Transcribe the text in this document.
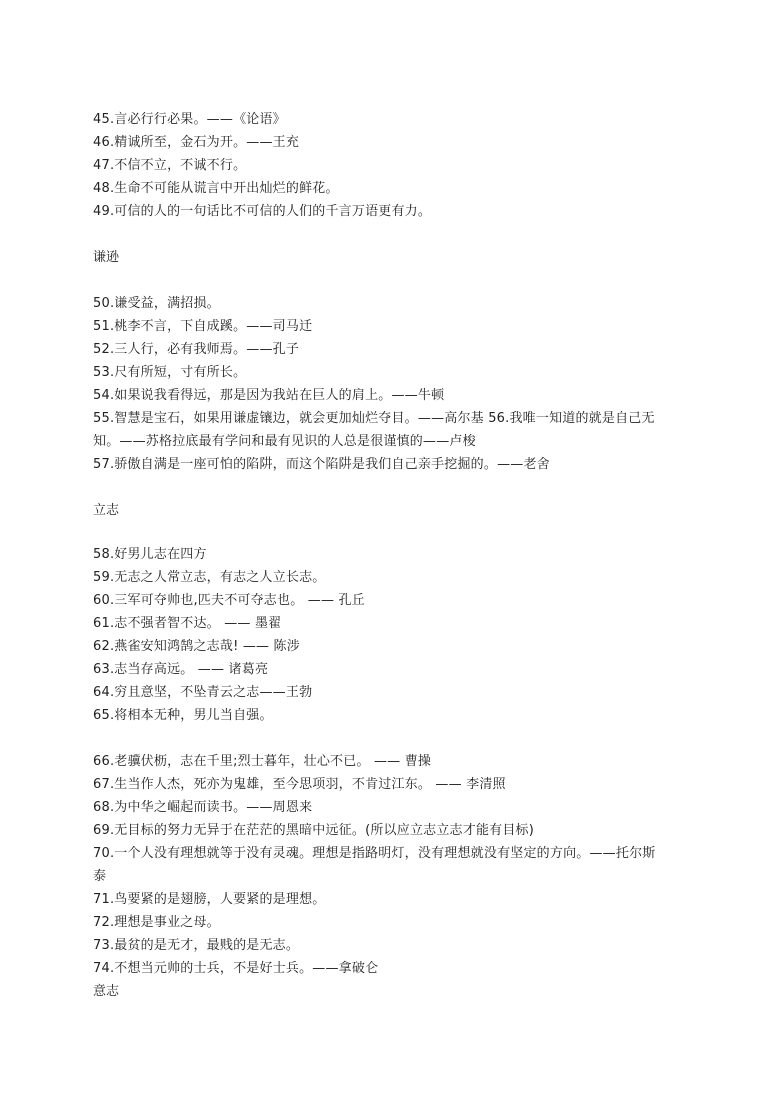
45.言必行行必果。——《论语》
46.精诚所至，金石为开。——王充
47.不信不立，不诚不行。
48.生命不可能从谎言中开出灿烂的鲜花。
49.可信的人的一句话比不可信的人们的千言万语更有力。
谦逊
50.谦受益，满招损。
51.桃李不言，下自成蹊。——司马迁
52.三人行，必有我师焉。——孔子
53.尺有所短，寸有所长。
54.如果说我看得远，那是因为我站在巨人的肩上。——牛顿
55.智慧是宝石，如果用谦虚镶边，就会更加灿烂夺目。——高尔基 56.我唯一知道的就是自己无
知。——苏格拉底最有学问和最有见识的人总是很谨慎的——卢梭
57.骄傲自满是一座可怕的陷阱，而这个陷阱是我们自己亲手挖掘的。——老舍
立志
58.好男儿志在四方
59.无志之人常立志，有志之人立长志。
60.三军可夺帅也,匹夫不可夺志也。 —— 孔丘
61.志不强者智不达。 —— 墨翟
62.燕雀安知鸿鹄之志哉! —— 陈涉
63.志当存高远。 —— 诸葛亮
64.穷且意坚，不坠青云之志——王勃
65.将相本无种，男儿当自强。
66.老骥伏枥，志在千里;烈士暮年，壮心不已。 —— 曹操
67.生当作人杰，死亦为鬼雄，至今思项羽，不肯过江东。 —— 李清照
68.为中华之崛起而读书。——周恩来
69.无目标的努力无异于在茫茫的黑暗中远征。(所以应立志立志才能有目标)
70.一个人没有理想就等于没有灵魂。理想是指路明灯，没有理想就没有坚定的方向。——托尔斯
泰
71.鸟要紧的是翅膀，人要紧的是理想。
72.理想是事业之母。
73.最贫的是无才，最贱的是无志。
74.不想当元帅的士兵，不是好士兵。——拿破仑
意志
